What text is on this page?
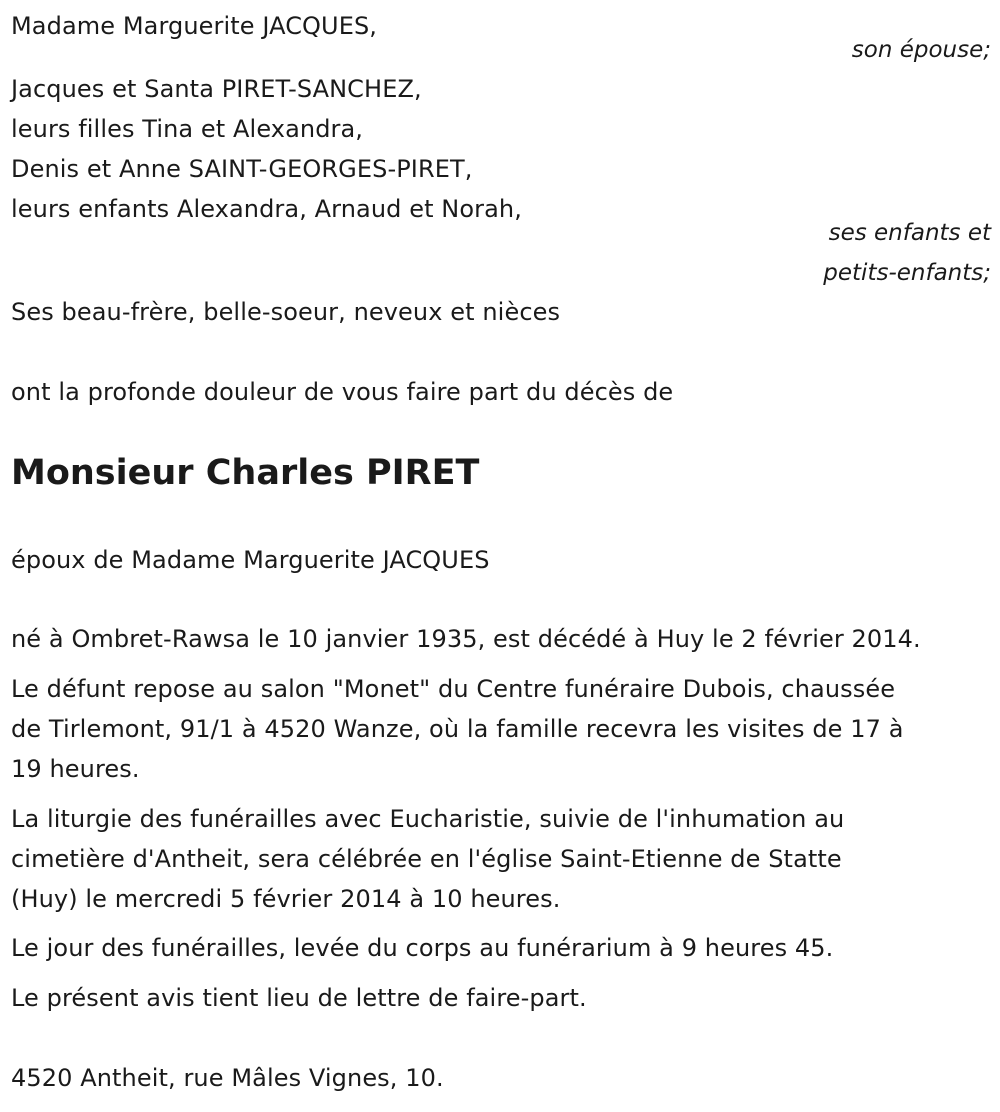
Madame Marguerite JACQUES,
son épouse;
Jacques et Santa PIRET-SANCHEZ,
leurs filles Tina et Alexandra,
Denis et Anne SAINT-GEORGES-PIRET,
leurs enfants Alexandra, Arnaud et Norah,
ses enfants et
petits-enfants;
Ses beau-frère, belle-soeur, neveux et nièces
ont la profonde douleur de vous faire part du décès de
Monsieur Charles PIRET
époux de Madame Marguerite JACQUES
né à Ombret-Rawsa le 10 janvier 1935, est décédé à Huy le 2 février 2014.
Le défunt repose au salon "Monet" du Centre funéraire Dubois, chaussée
de Tirlemont, 91/1 à 4520 Wanze, où la famille recevra les visites de 17 à
19 heures.
La liturgie des funérailles avec Eucharistie, suivie de l'inhumation au
cimetière d'Antheit, sera célébrée en l'église Saint-Etienne de Statte
(Huy) le mercredi 5 février 2014 à 10 heures.
Le jour des funérailles, levée du corps au funérarium à 9 heures 45.
Le présent avis tient lieu de lettre de faire-part.
4520 Antheit, rue Mâles Vignes, 10.
